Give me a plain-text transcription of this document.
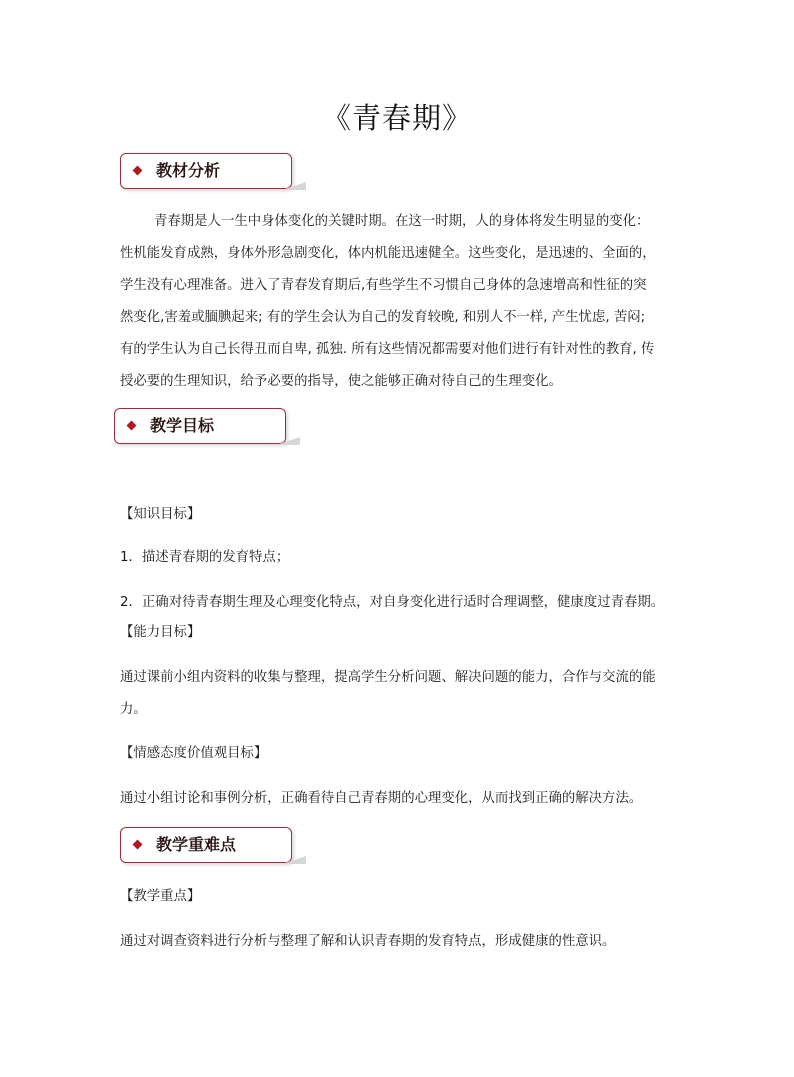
《青春期》
教材分析
青春期是人一生中身体变化的关键时期。在这一时期，人的身体将发生明显的变化：
性机能发育成熟，身体外形急剧变化，体内机能迅速健全。这些变化，是迅速的、全面的，
学生没有心理准备。进入了青春发育期后,有些学生不习惯自己身体的急速增高和性征的突
然变化,害羞或腼腆起来; 有的学生会认为自己的发育较晚, 和别人不一样, 产生忧虑, 苦闷;
有的学生认为自己长得丑而自卑, 孤独. 所有这些情况都需要对他们进行有针对性的教育, 传
授必要的生理知识，给予必要的指导，使之能够正确对待自己的生理变化。
教学目标
【知识目标】
1．描述青春期的发育特点；
2．正确对待青春期生理及心理变化特点，对自身变化进行适时合理调整，健康度过青春期。
【能力目标】
通过课前小组内资料的收集与整理，提高学生分析问题、解决问题的能力，合作与交流的能
力。
【情感态度价值观目标】
通过小组讨论和事例分析，正确看待自己青春期的心理变化，从而找到正确的解决方法。
教学重难点
【教学重点】
通过对调查资料进行分析与整理了解和认识青春期的发育特点，形成健康的性意识。
